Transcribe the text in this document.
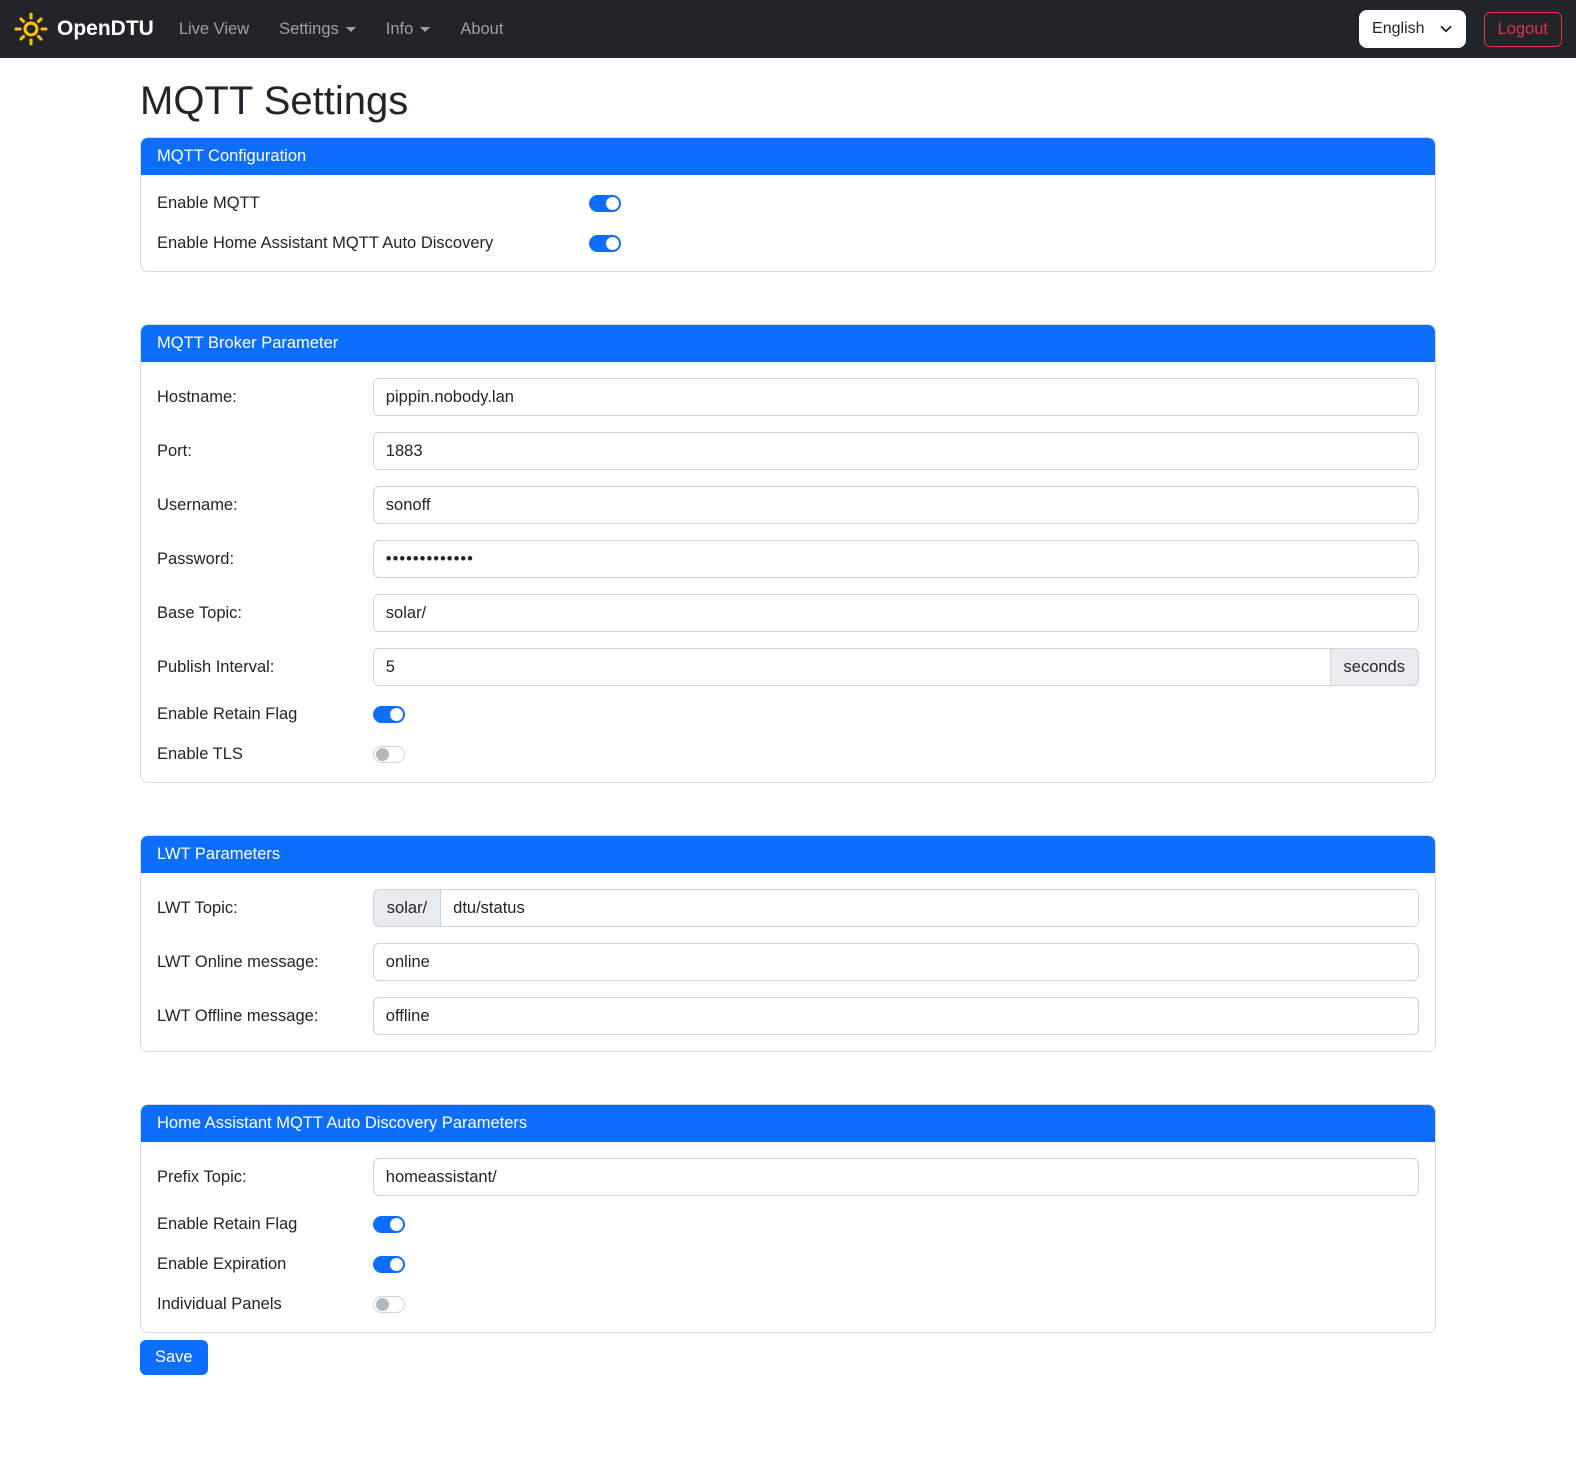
OpenDTU Live View Settings	Info	About	English	Logout
MQTT Settings
MQTT Configuration
Enable MQTT
Enable Home Assistant MQTT Auto Discovery
MQTT Broker Parameter
Hostname:
pippin.nobody.lan
Port:
1883
Username:
sonoff
Password:
•••••••••••••
Base Topic:
solar/
Publish Interval:
5	seconds
Enable Retain Flag
Enable TLS
LWT Parameters
LWT Topic:	solar/
dtu/status
LWT Online message:
online
LWT Offline message:
offline
Home Assistant MQTT Auto Discovery Parameters
Prefix Topic:
homeassistant/
Enable Retain Flag
Enable Expiration
Individual Panels
Save
